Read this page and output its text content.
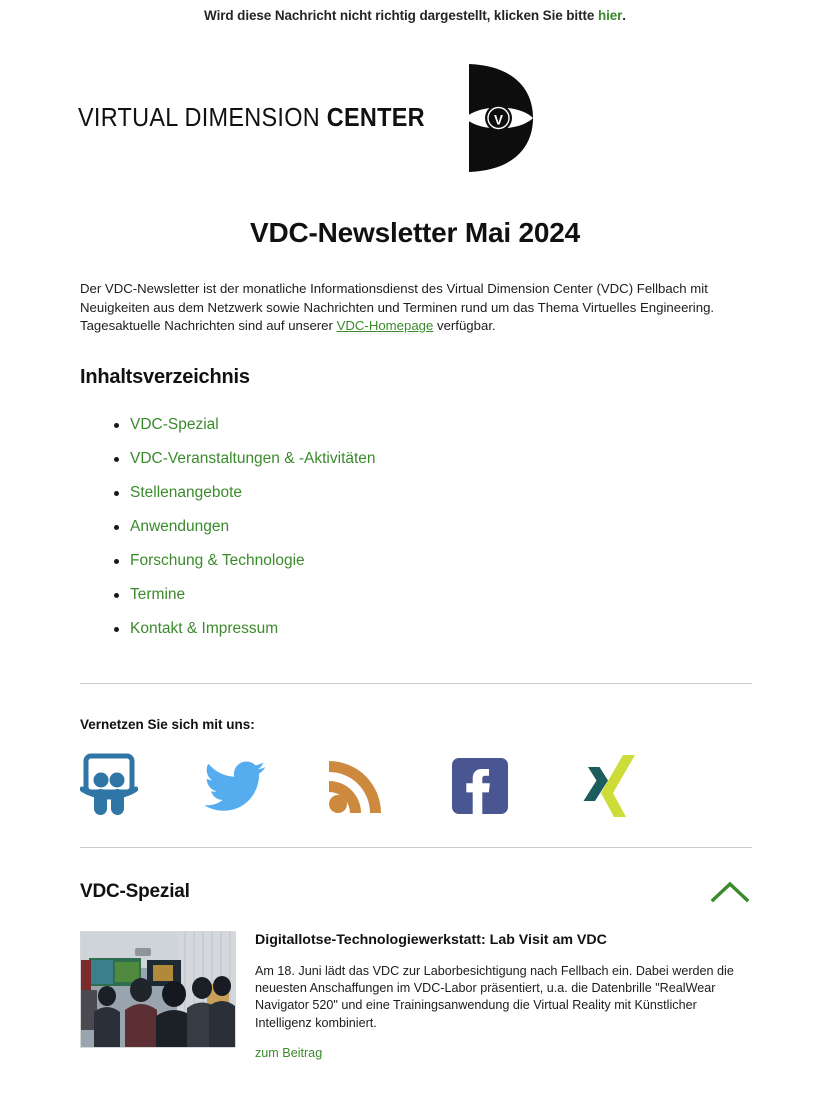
Wird diese Nachricht nicht richtig dargestellt, klicken Sie bitte hier.
VIRTUAL DIMENSION CENTER	V
VDC-Newsletter Mai 2024

Der VDC-Newsletter ist der monatliche Informationsdienst des Virtual Dimension Center (VDC) Fellbach mit Neuigkeiten aus dem Netzwerk sowie Nachrichten und Terminen rund um das Thema Virtuelles Engineering. Tagesaktuelle Nachrichten sind auf unserer VDC-Homepage verfügbar.

Inhaltsverzeichnis
VDC-Spezial
VDC-Veranstaltungen & -Aktivitäten
Stellenangebote
Anwendungen
Forschung & Technologie
Termine
Kontakt & Impressum
Vernetzen Sie sich mit uns:
VDC-Spezial

Digitallotse-Technologiewerkstatt: Lab Visit am VDC

Am 18. Juni lädt das VDC zur Laborbesichtigung nach Fellbach ein. Dabei werden die neuesten Anschaffungen im VDC-Labor präsentiert, u.a. die Datenbrille "RealWear Navigator 520" und eine Trainingsanwendung die Virtual Reality mit Künstlicher Intelligenz kombiniert.

zum Beitrag
